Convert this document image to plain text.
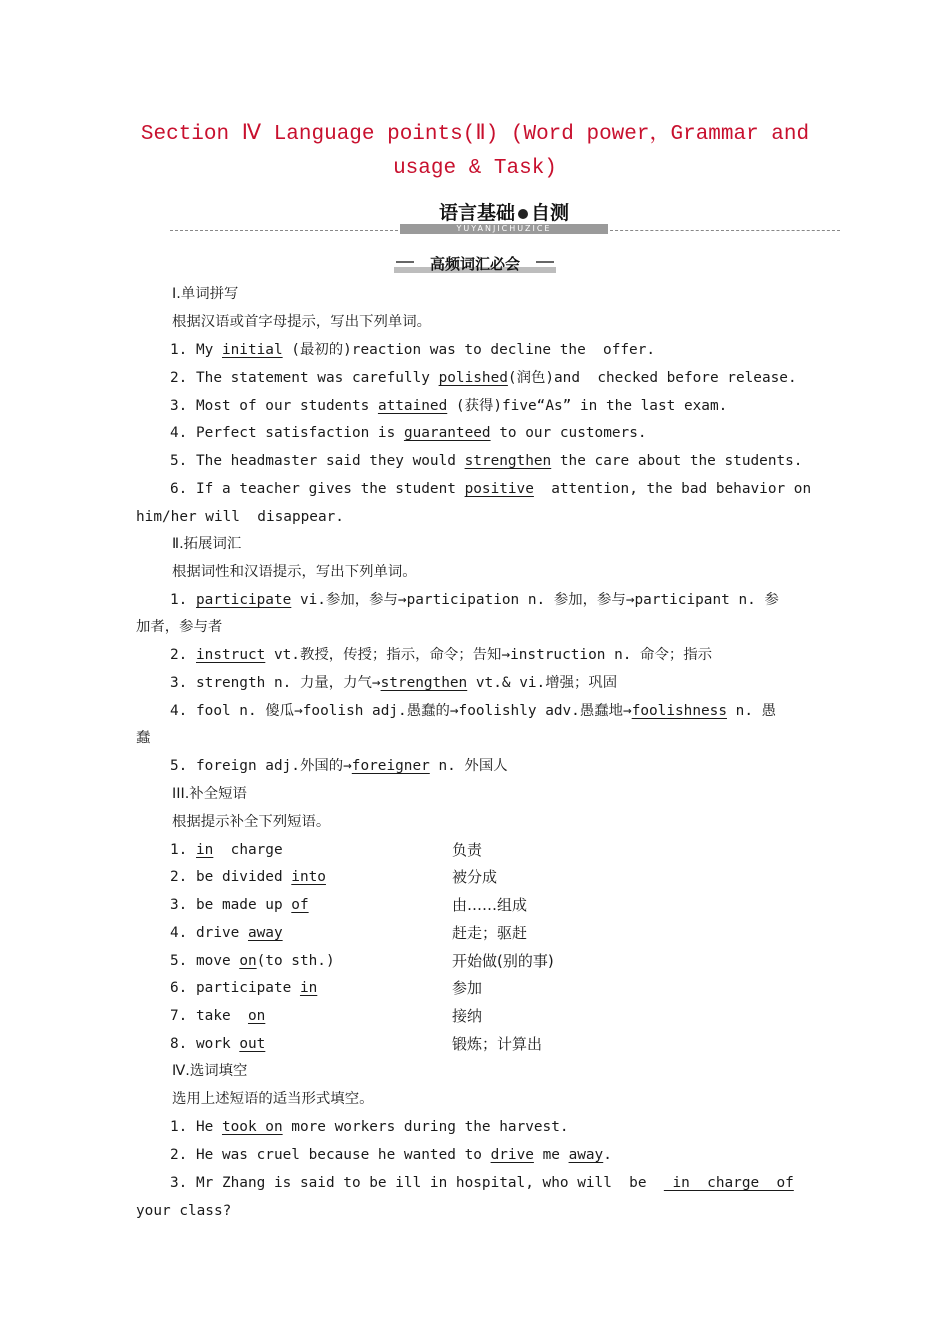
Section Ⅳ Language points(Ⅱ) (Word power，Grammar and
usage & Task)
语言基础 自测
YUYANJICHUZICE
高频词汇必会
Ⅰ.单词拼写
根据汉语或首字母提示，写出下列单词。
1. My initial (最初的)reaction was to decline the  offer.
2. The statement was carefully polished(润色)and  checked before release.
3. Most of our students attained (获得)five“As” in the last exam.
4. Perfect satisfaction is guaranteed to our customers.
5. The headmaster said they would strengthen the care about the students.
6. If a teacher gives the student positive  attention, the bad behavior on
him/her will  disappear.
Ⅱ.拓展词汇
根据词性和汉语提示，写出下列单词。
1. participate vi.参加，参与→participation n. 参加，参与→participant n. 参
加者，参与者
2. instruct vt.教授，传授；指示，命令；告知→instruction n. 命令；指示
3. strength n. 力量，力气→strengthen vt.& vi.增强；巩固
4. fool n. 傻瓜→foolish adj.愚蠢的→foolishly adv.愚蠢地→foolishness n. 愚
蠢
5. foreign adj.外国的→foreigner n. 外国人
III.补全短语
根据提示补全下列短语。
1. in  charge	负责
2. be divided into	被分成
3. be made up of	由……组成
4. drive away	赶走；驱赶
5. move on(to sth.)	开始做(别的事)
6. participate in	参加
7. take  on	接纳
8. work out	锻炼；计算出
Ⅳ.选词填空
选用上述短语的适当形式填空。
1. He took on more workers during the harvest.
2. He was cruel because he wanted to drive me away.
3. Mr Zhang is said to be ill in hospital, who will  be   in  charge  of
your class?
